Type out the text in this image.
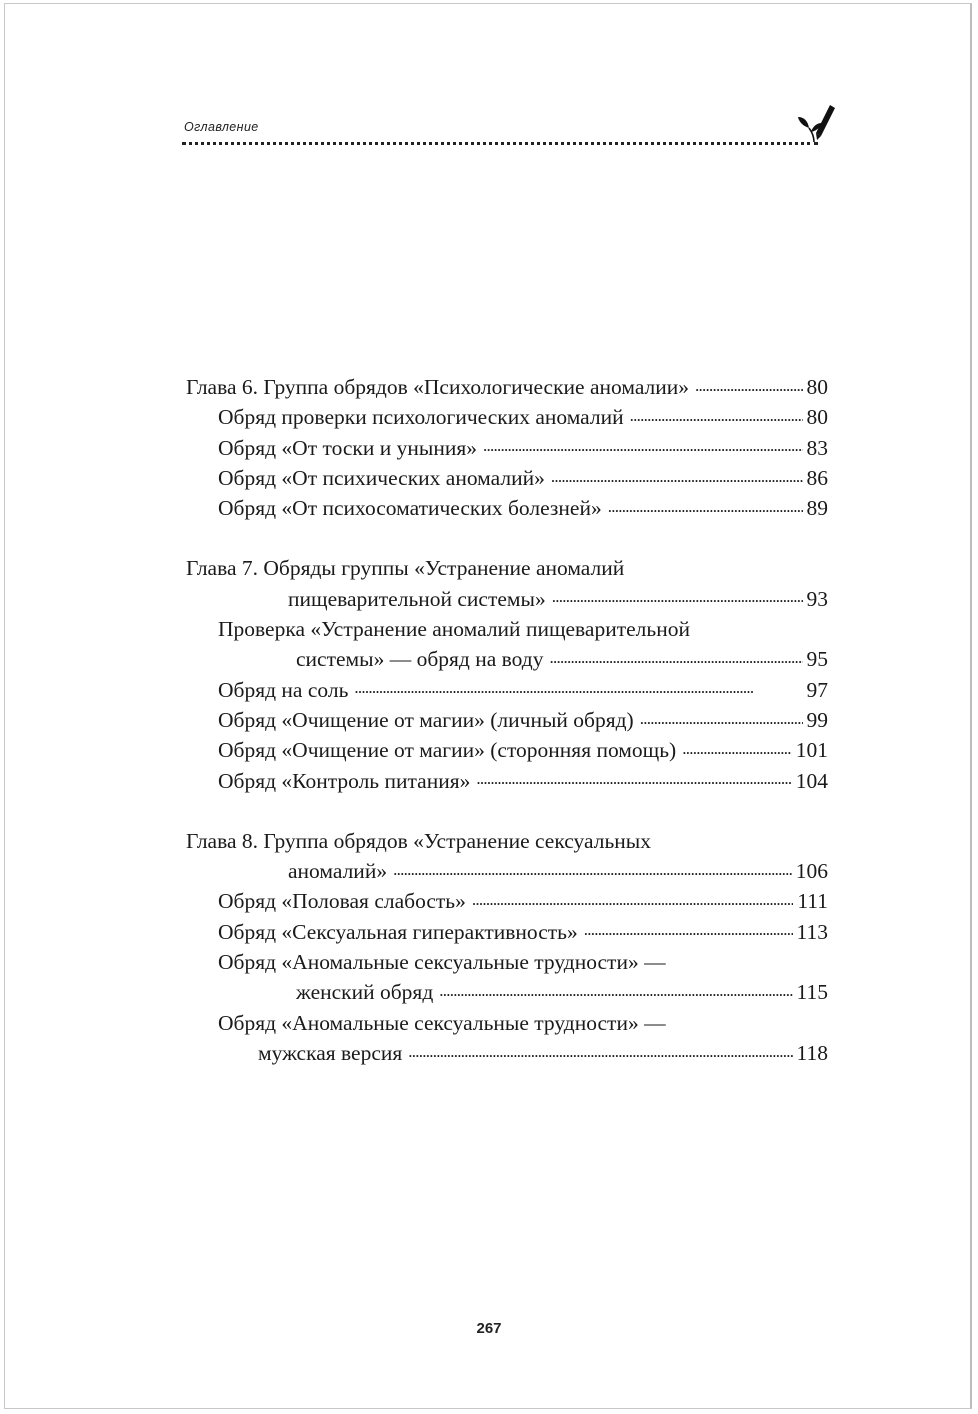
Оглавление
Глава 6. Группа обрядов «Психологические аномалии» . . .	80
Обряд проверки психологических аномалий . . .	80
Обряд «От тоски и уныния» . . .	83
Обряд «От психических аномалий» . . .	86
Обряд «От психосоматических болезней» . . .	89
Глава 7. Обряды группы «Устранение аномалий
пищеварительной системы» . . .	93
Проверка «Устранение аномалий пищеварительной
системы» — обряд на воду . . .	95
Обряд на соль . . .	97
Обряд «Очищение от магии» (личный обряд) . . .	99
Обряд «Очищение от магии» (сторонняя помощь) . . .	101
Обряд «Контроль питания» . . .	104
Глава 8. Группа обрядов «Устранение сексуальных
аномалий» . . .	106
Обряд «Половая слабость» . . .	111
Обряд «Сексуальная гиперактивность» . . .	113
Обряд «Аномальные сексуальные трудности» —
женский обряд . . .	115
Обряд «Аномальные сексуальные трудности» —
мужская версия . . .	118
267
